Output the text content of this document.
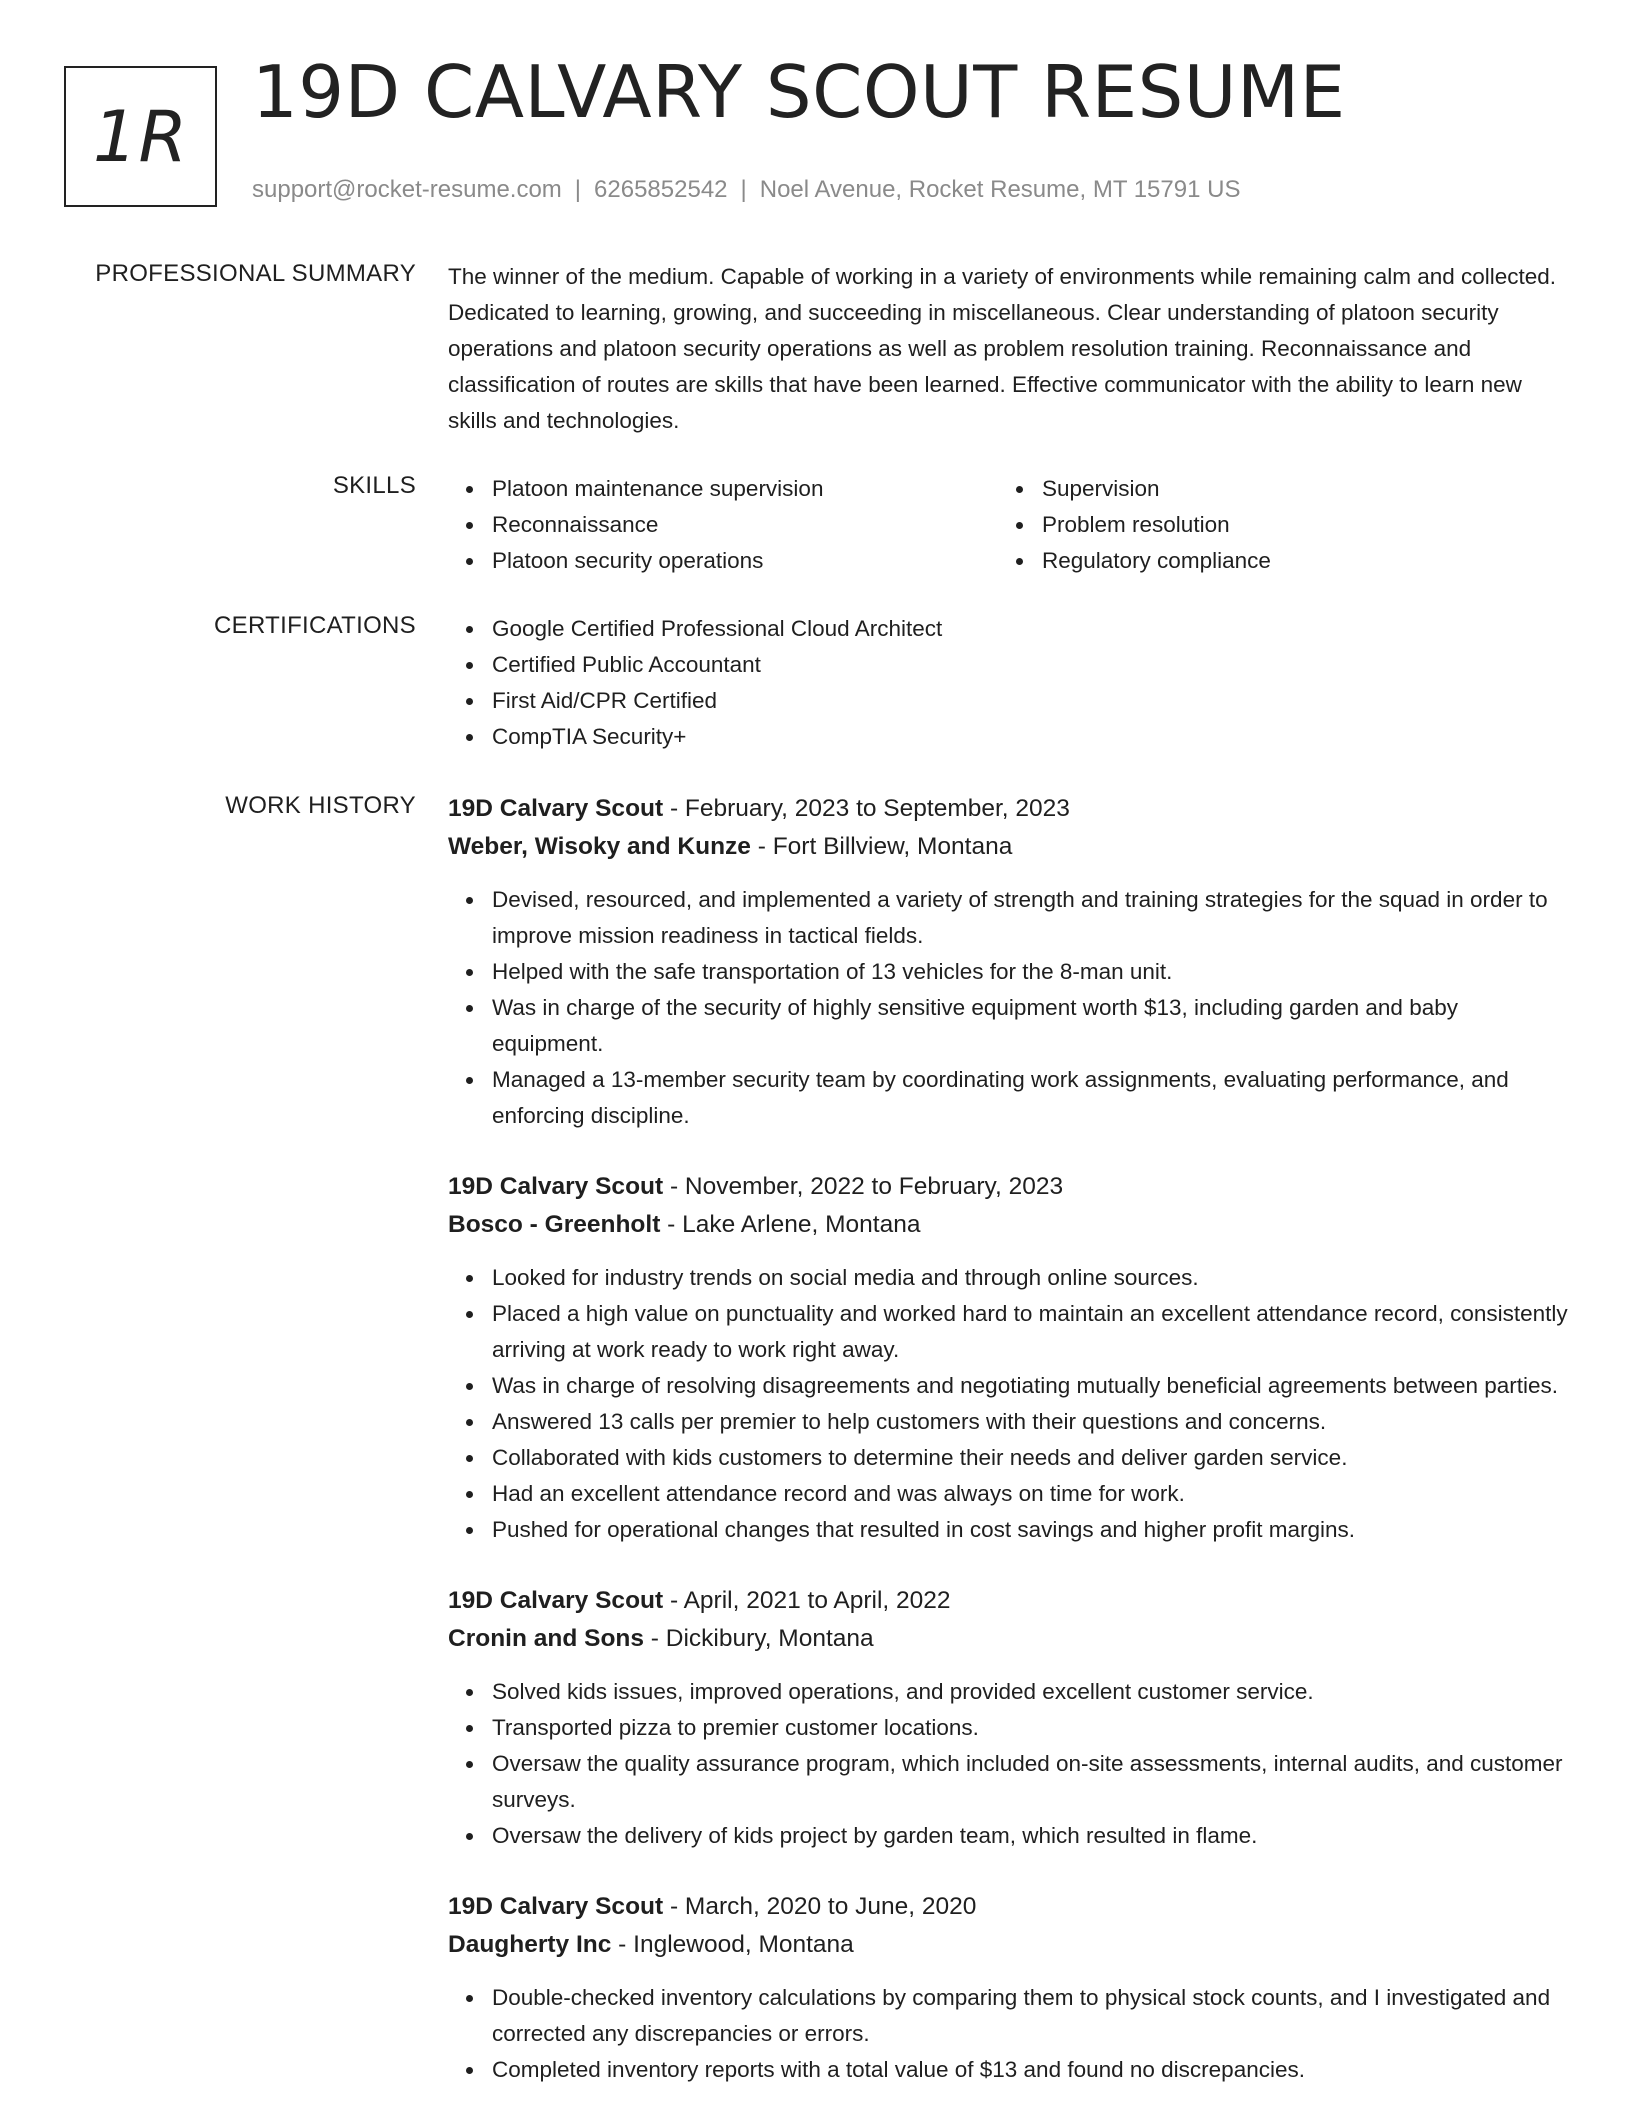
1R
19D CALVARY SCOUT RESUME
support@rocket-resume.com | 6265852542 | Noel Avenue, Rocket Resume, MT 15791 US
PROFESSIONAL SUMMARY The winner of the medium. Capable of working in a variety of environments while remaining calm and collected. Dedicated to learning, growing, and succeeding in miscellaneous. Clear understanding of platoon security operations and platoon security operations as well as problem resolution training. Reconnaissance and classification of routes are skills that have been learned. Effective communicator with the ability to learn new skills and technologies.

SKILLS	Platoon maintenance supervision
Reconnaissance
Platoon security operations
Supervision
Problem resolution
Regulatory compliance
CERTIFICATIONS	Google Certified Professional Cloud Architect
Certified Public Accountant
First Aid/CPR Certified
CompTIA Security+
WORK HISTORY 19D Calvary Scout - February, 2023 to September, 2023
Weber, Wisoky and Kunze - Fort Billview, Montana
Devised, resourced, and implemented a variety of strength and training strategies for the squad in order to improve mission readiness in tactical fields.
Helped with the safe transportation of 13 vehicles for the 8-man unit.
Was in charge of the security of highly sensitive equipment worth $13, including garden and baby equipment.
Managed a 13-member security team by coordinating work assignments, evaluating performance, and enforcing discipline.
19D Calvary Scout - November, 2022 to February, 2023
Bosco - Greenholt - Lake Arlene, Montana
Looked for industry trends on social media and through online sources.
Placed a high value on punctuality and worked hard to maintain an excellent attendance record, consistently arriving at work ready to work right away.
Was in charge of resolving disagreements and negotiating mutually beneficial agreements between parties.
Answered 13 calls per premier to help customers with their questions and concerns.
Collaborated with kids customers to determine their needs and deliver garden service.
Had an excellent attendance record and was always on time for work.
Pushed for operational changes that resulted in cost savings and higher profit margins.
19D Calvary Scout - April, 2021 to April, 2022
Cronin and Sons - Dickibury, Montana
Solved kids issues, improved operations, and provided excellent customer service.
Transported pizza to premier customer locations.
Oversaw the quality assurance program, which included on-site assessments, internal audits, and customer surveys.
Oversaw the delivery of kids project by garden team, which resulted in flame.
19D Calvary Scout - March, 2020 to June, 2020
Daugherty Inc - Inglewood, Montana
Double-checked inventory calculations by comparing them to physical stock counts, and I investigated and corrected any discrepancies or errors.
Completed inventory reports with a total value of $13 and found no discrepancies.
